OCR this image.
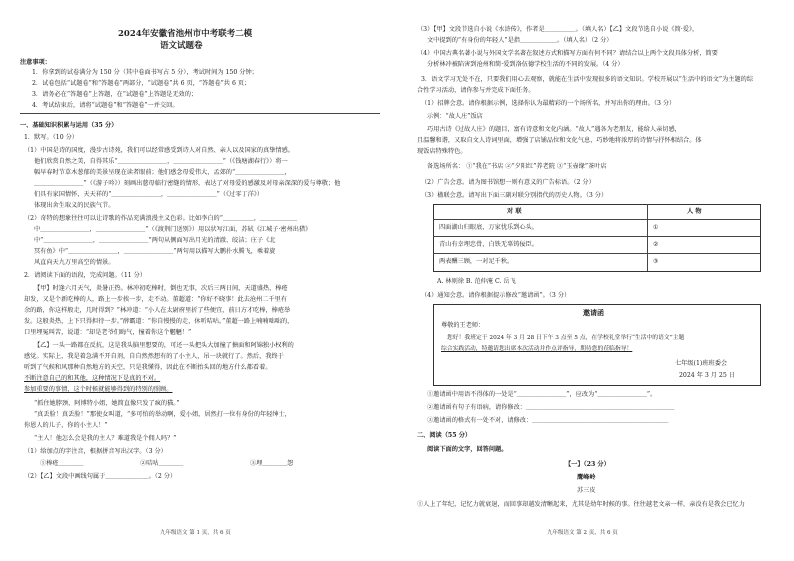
2024年安徽省池州市中考联考二模
语文试题卷
注意事项：
1．你拿到的试卷满分为 150 分（其中卷面书写占 5 分），考试时间为 150 分钟；
2．试卷包括“试题卷”和“答题卷”两部分，“试题卷”共 6 页，“答题卷”共 6 页；
3．请务必在“答题卷”上答题，在“试题卷”上答题是无效的；
4．考试结束后，请将“试题卷”和“答题卷”一并交回。
一、基础知识积累与运用（35 分）
1．默写。（10 分）
（1）中国是诗的国度，漫步古诗苑，我们可以经常感受到诗人对自然、亲人以及国家的真挚情感。
他们欣赏自然之美，自得其乐“＿＿＿＿＿＿＿＿，＿＿＿＿＿＿＿＿”（《钱塘湖春行》）将一
幅早春时节草木葱郁的美景呈现在读者眼前；他们感念母爱伟大，孟郊的“＿＿＿＿＿＿＿＿，
＿＿＿＿＿＿＿＿”（《游子吟》）刻画出慈母临行密缝的情形，表达了对母爱的感激及对母亲深深的爱与尊敬；他
们具有家国情怀，天天祥的“＿＿＿＿＿＿＿＿，＿＿＿＿＿＿＿＿”（《过零丁洋》）
体现出舍生取义的民族气节。
（2）奇特的想象往往可以让诗歌的作品充满浪漫主义色彩。比如李白的“＿＿＿＿＿，＿＿＿＿＿＿
中＿＿＿＿＿＿＿＿，＿＿＿＿＿＿＿＿”（《渡荆门送别》）用以状写江面，苏轼《江城子·密州出猎》
中“＿＿＿＿＿＿＿＿，＿＿＿＿＿＿＿＿”两句从侧面写出月光的清澈、皎洁；庄子《北
冥有鱼》中“＿＿＿＿＿＿＿＿，＿＿＿＿＿＿＿＿”两句用以描写大鹏扑水腾飞，乘着旋
风直向天九万里高空的情景。
2．请阅读下面的语段，完成问题。（11 分）
【甲】时逢六月天气，炎暑正热。林冲初吃棒时，倒也无事，次后三两日间，天道盛热，棒疮
却发，又是个新吃棒的人，路上一步挨一步，走不动。董超道：“你好不晓事！此去沧州二千里有
余的路，你这样般走，几时得到？”林冲道：“小人在太尉府里折了些便宜，前日方才吃棒，棒疮举
发。这般炎热，上下只得担待一步。”薛霸道：“你自慢慢的走，休听咭咕。”董超一路上喃喃咄咄的，
口里埋冤叫苦，说道：“却是老爷们晦气，撞着你这个魍魉！”
【乙】一头一路都在反抗，这是我头脑里想要的，可还一头把头大加撞了搪面和阿锦独小权利的
感觉。实际上，我是着急满不开自剂，自自然然想有的了小主人，吊一块就行了。然后，我终于
听到了气候和风那种自然地方的天空，只是我懂得，因此在不断抬头回的地方什么都看着。
不断注意自己的和其他，这种情况下是真的不对。
参加重要的事情，这个时候就能够得到的特别的照顾。
“抓住她脖颈，阿博特小姐，她简直像只发了疯的猫。”
“真丢脸！真丢脸！”那使女叫道，“多可怕的举动啊，爱小姐，居然打一位有身份的年轻绅士，
你恩人的儿子，你的小主人！”
“主人！他怎么会是我的主人？难道我是个佣人吗？”
（1）给加点的字注音，根据拼音写出汉字。（3 分）
①棒疮＿＿＿＿	②咭咕＿＿＿＿	③埋＿＿＿＿怨
（2）【乙】文段中画线句属于＿＿＿＿＿＿＿。（2 分）
九年级语文 第 1 页，共 6 页
（3）【甲】文段节选自小说《水浒传》，作者是＿＿＿＿＿。（填人名）【乙】文段节选自小说《简·爱》，
文中提到的“有身份的年轻人”是指＿＿＿＿＿＿。（填人名）（2 分）
（4）中国古典名著小说与外国文学名著在叙述方式和描写方面有何不同？请结合以上两个文段具体分析，简要
分析林冲被陷害到沧州和简·爱到洛伍德学校生活的不同的发展。（4 分）
3．语文学习无处不在，只要我们用心去观察，就能在生活中发现很多的语文知识。学校开展以“生活中的语文”为主题的综
合性学习活动，请你参与并完成下面任务。
（1）招牌会意。请你根据示例，选择你认为最精彩的一个场所名，并写出你的理由。（3 分）
示例：“故人庄”饭店
巧用古诗《过故人庄》的题目，富有诗意和文化内涵。“故人”遇各为老朋友，能给人亲切感，
且温馨和谐，又取自文人诗词里面，增强了店铺品位和文化气息，巧妙地将浓厚的诗情与抒怀相结合。体
现饭店特殊特色。
备选场所名： ①“我在”书店 ②“夕阳红”养老院 ③“玉壶缘”茶叶店
（2）广告会意。请为图书馆想一则有意义的广告标语。（2 分）
（3）楹联会意。请写出下面三副对联分别指代的历史人物。（3 分）
对 联	人 物
四面湖山归眼底，万家忧乐到心头。	①
青山有幸埋忠骨，白铁无辜铸佞臣。	②
两表酬三顾，一对足千秋。	③
A. 林则徐 B. 范仲淹 C. 岳飞
（4）通知会意。请你根据提示修改“邀请函”。（3 分）
邀请函
尊敬的王老师：
您好！我班定于 2024 年 3 月 28 日下午 3 点至 5 点，在学校礼堂举行“生活中的语文”主题
综合实践活动，特邀请您出席本次活动并作点评指导，期待您的莅临指导！
七年级(1)班班委会
2024 年 3 月 25 日
①邀请函中用语不得体的一处是“＿＿＿＿＿＿＿＿”，应改为“＿＿＿＿＿＿＿＿”。
②邀请函有句子有语病，请你修改：＿＿＿＿＿＿＿＿＿＿＿＿＿＿＿＿＿＿＿＿＿＿＿＿
③邀请函的格式有一处不对，请修改：＿＿＿＿＿＿＿＿＿＿＿＿＿＿＿＿＿＿＿＿＿＿
二、阅读（55 分）
阅读下面的文字，回答问题。
【一】（23 分）
鹰峰岭
苏三皮
①人上了年纪，记忆力就衰退，而回事却越发清晰起来，尤其是幼年时候的事。往往越老文亲一样，亲没有是我会已忆力
九年级语文 第 2 页，共 6 页
